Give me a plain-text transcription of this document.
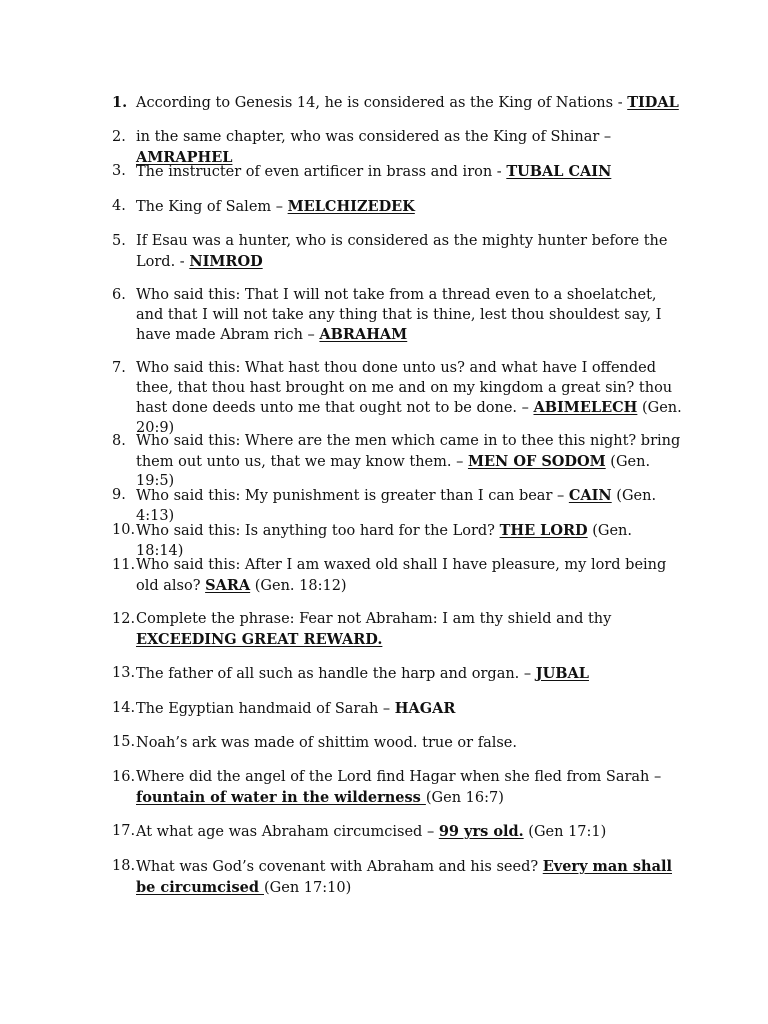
1. According to Genesis 14, he is considered as the King of Nations - TIDAL
2. in the same chapter, who was considered as the King of Shinar – AMRAPHEL
3. The instructer of even artificer in brass and iron - TUBAL CAIN
4. The King of Salem – MELCHIZEDEK
5. If Esau was a hunter, who is considered as the mighty hunter before the Lord. - NIMROD
6. Who said this: That I will not take from a thread even to a shoelatchet, and that I will not take any thing that is thine, lest thou shouldest say, I have made Abram rich – ABRAHAM
7. Who said this: What hast thou done unto us? and what have I offended thee, that thou hast brought on me and on my kingdom a great sin? thou hast done deeds unto me that ought not to be done. – ABIMELECH (Gen. 20:9)
8. Who said this: Where are the men which came in to thee this night? bring them out unto us, that we may know them. – MEN OF SODOM (Gen. 19:5)
9. Who said this: My punishment is greater than I can bear – CAIN (Gen. 4:13)
10. Who said this: Is anything too hard for the Lord? THE LORD (Gen. 18:14)
11. Who said this: After I am waxed old shall I have pleasure, my lord being old also? SARA (Gen. 18:12)
12. Complete the phrase: Fear not Abraham: I am thy shield and thy EXCEEDING GREAT REWARD.
13. The father of all such as handle the harp and organ. – JUBAL
14. The Egyptian handmaid of Sarah – HAGAR
15. Noah’s ark was made of shittim wood. true or false.
16. Where did the angel of the Lord find Hagar when she fled from Sarah – fountain of water in the wilderness (Gen 16:7)
17. At what age was Abraham circumcised – 99 yrs old. (Gen 17:1)
18. What was God’s covenant with Abraham and his seed? Every man shall be circumcised (Gen 17:10)
